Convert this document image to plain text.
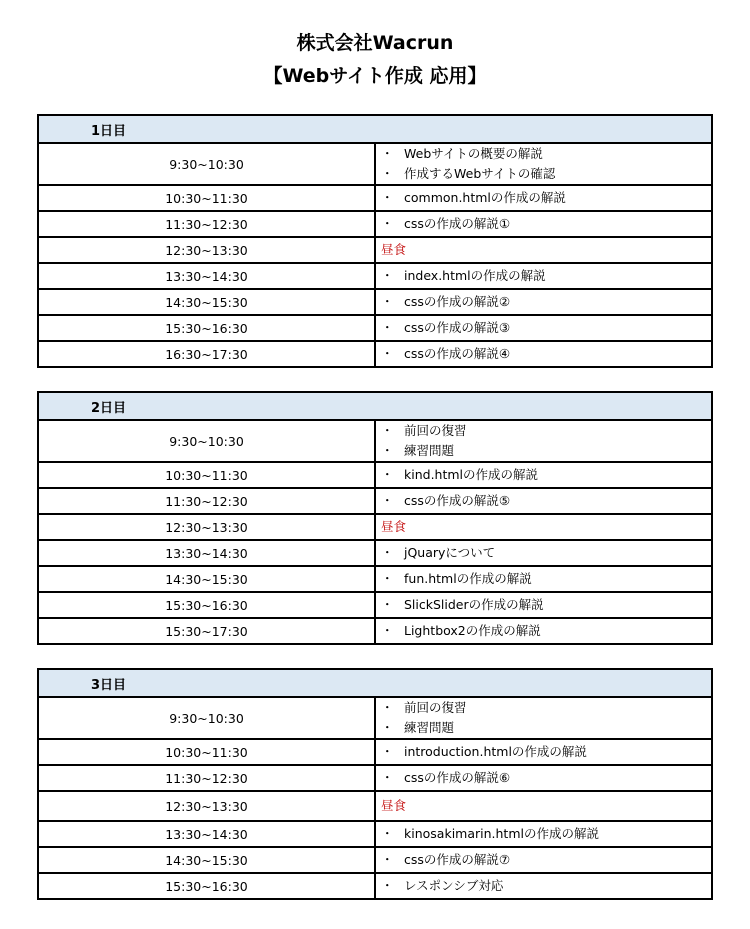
株式会社Wacrun
【Webサイト作成 応用】
1日目	
9:30~10:30	・ Webサイトの概要の解説
・ 作成するWebサイトの確認

10:30~11:30	・ common.htmlの作成の解説

11:30~12:30	・ cssの作成の解説①

12:30~13:30	昼食

13:30~14:30	・ index.htmlの作成の解説

14:30~15:30	・ cssの作成の解説②

15:30~16:30	・ cssの作成の解説③

16:30~17:30	・ cssの作成の解説④
2日目	
9:30~10:30	・ 前回の復習
・ 練習問題

10:30~11:30	・ kind.htmlの作成の解説

11:30~12:30	・ cssの作成の解説⑤

12:30~13:30	昼食

13:30~14:30	・ jQuaryについて

14:30~15:30	・ fun.htmlの作成の解説

15:30~16:30	・ SlickSliderの作成の解説

15:30~17:30	・ Lightbox2の作成の解説
3日目	
9:30~10:30	・ 前回の復習
・ 練習問題

10:30~11:30	・ introduction.htmlの作成の解説

11:30~12:30	・ cssの作成の解説⑥

12:30~13:30	昼食

13:30~14:30	・ kinosakimarin.htmlの作成の解説

14:30~15:30	・ cssの作成の解説⑦

15:30~16:30	・ レスポンシブ対応
